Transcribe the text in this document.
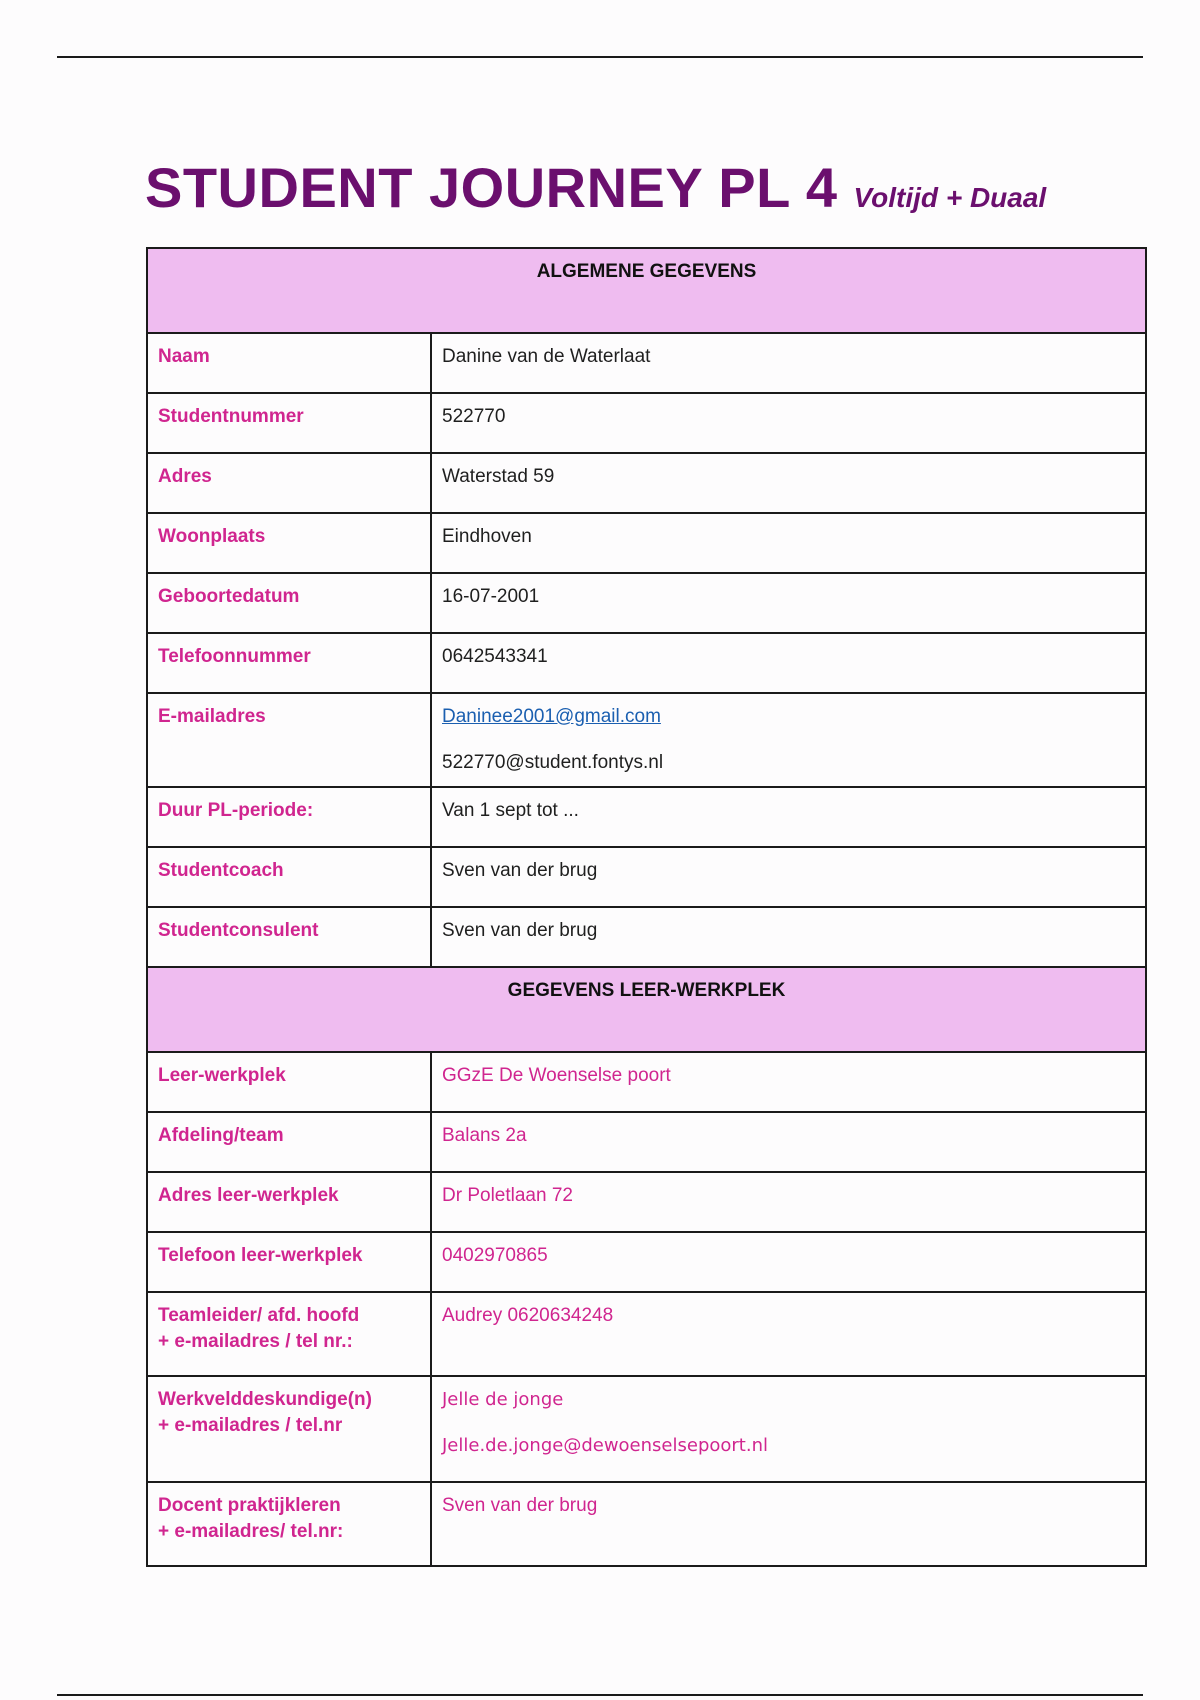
STUDENT JOURNEY PL 4 Voltijd + Duaal
ALGEMENE GEGEVENS	
Naam	Danine van de Waterlaat
Studentnummer	522770
Adres	Waterstad 59
Woonplaats	Eindhoven
Geboortedatum	16-07-2001
Telefoonnummer	0642543341
E-mailadres	Daninee2001@gmail.com
522770@student.fontys.nl

Duur PL-periode:	Van 1 sept tot ...
Studentcoach	Sven van der brug
Studentconsulent	Sven van der brug
GEGEVENS LEER-WERKPLEK	
Leer-werkplek	GGzE De Woenselse poort
Afdeling/team	Balans 2a
Adres leer-werkplek	Dr Poletlaan 72
Telefoon leer-werkplek	0402970865
Teamleider/ afd. hoofd
+ e-mailadres / tel nr.:	Audrey 0620634248
Werkvelddeskundige(n)
+ e-mailadres / tel.nr	Jelle de jonge
Jelle.de.jonge@dewoenselsepoort.nl

Docent praktijkleren
+ e-mailadres/ tel.nr:	Sven van der brug
